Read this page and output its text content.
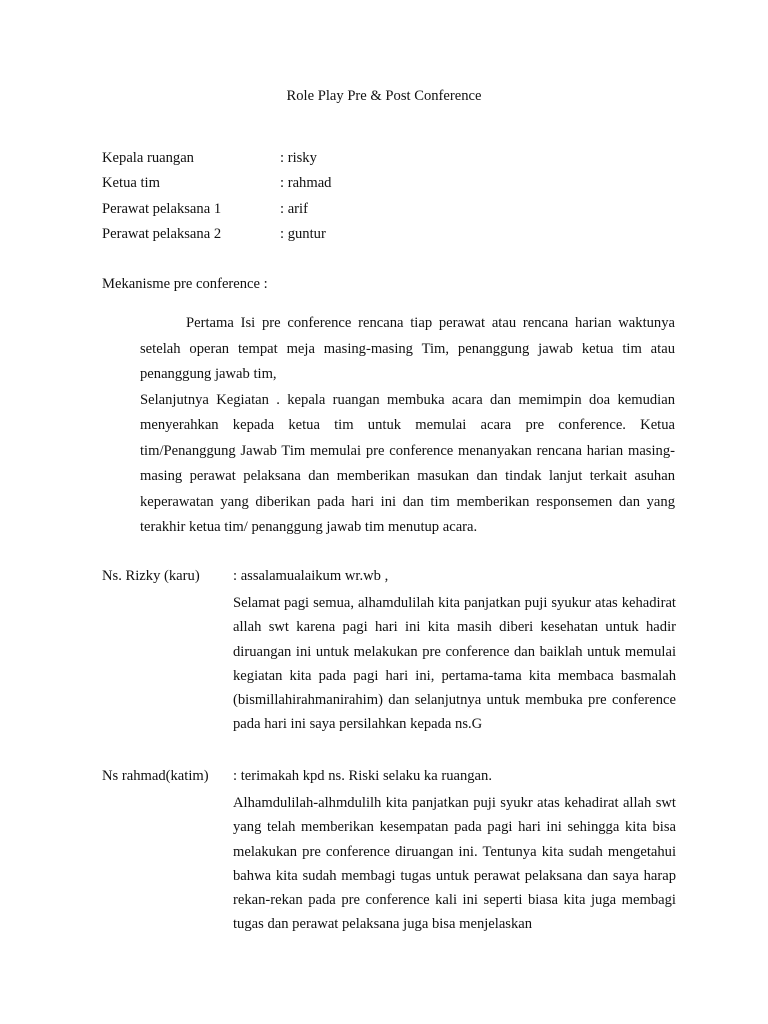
Role Play Pre & Post Conference
Kepala ruangan	: risky
Ketua tim	: rahmad
Perawat pelaksana 1	: arif
Perawat pelaksana 2	: guntur
Mekanisme pre conference :

Pertama Isi pre conference rencana tiap perawat atau rencana harian waktunya setelah operan tempat meja masing-masing Tim, penanggung jawab ketua tim atau penanggung jawab tim,

Selanjutnya Kegiatan . kepala ruangan membuka acara dan memimpin doa kemudian menyerahkan kepada ketua tim untuk memulai acara pre conference. Ketua tim/Penanggung Jawab Tim memulai pre conference menanyakan rencana harian masing-masing perawat pelaksana dan memberikan masukan dan tindak lanjut terkait asuhan keperawatan yang diberikan pada hari ini dan tim memberikan responsemen dan yang terakhir ketua tim/ penanggung jawab tim menutup acara.

Ns. Rizky (karu)	: assalamualaikum wr.wb ,

Selamat pagi semua, alhamdulilah kita panjatkan puji syukur atas kehadirat allah swt karena pagi hari ini kita masih diberi kesehatan untuk hadir diruangan ini untuk melakukan pre conference dan baiklah untuk memulai kegiatan kita pada pagi hari ini, pertama-tama kita membaca basmalah (bismillahirahmanirahim) dan selanjutnya untuk membuka pre conference pada hari ini saya persilahkan kepada ns.G

Ns rahmad(katim)	: terimakah kpd ns. Riski selaku ka ruangan.

Alhamdulilah-alhmdulilh kita panjatkan puji syukr atas kehadirat allah swt yang telah memberikan kesempatan pada pagi hari ini sehingga kita bisa melakukan pre conference diruangan ini. Tentunya kita sudah mengetahui bahwa kita sudah membagi tugas untuk perawat pelaksana dan saya harap rekan-rekan pada pre conference kali ini seperti biasa kita juga membagi tugas dan perawat pelaksana juga bisa menjelaskan
